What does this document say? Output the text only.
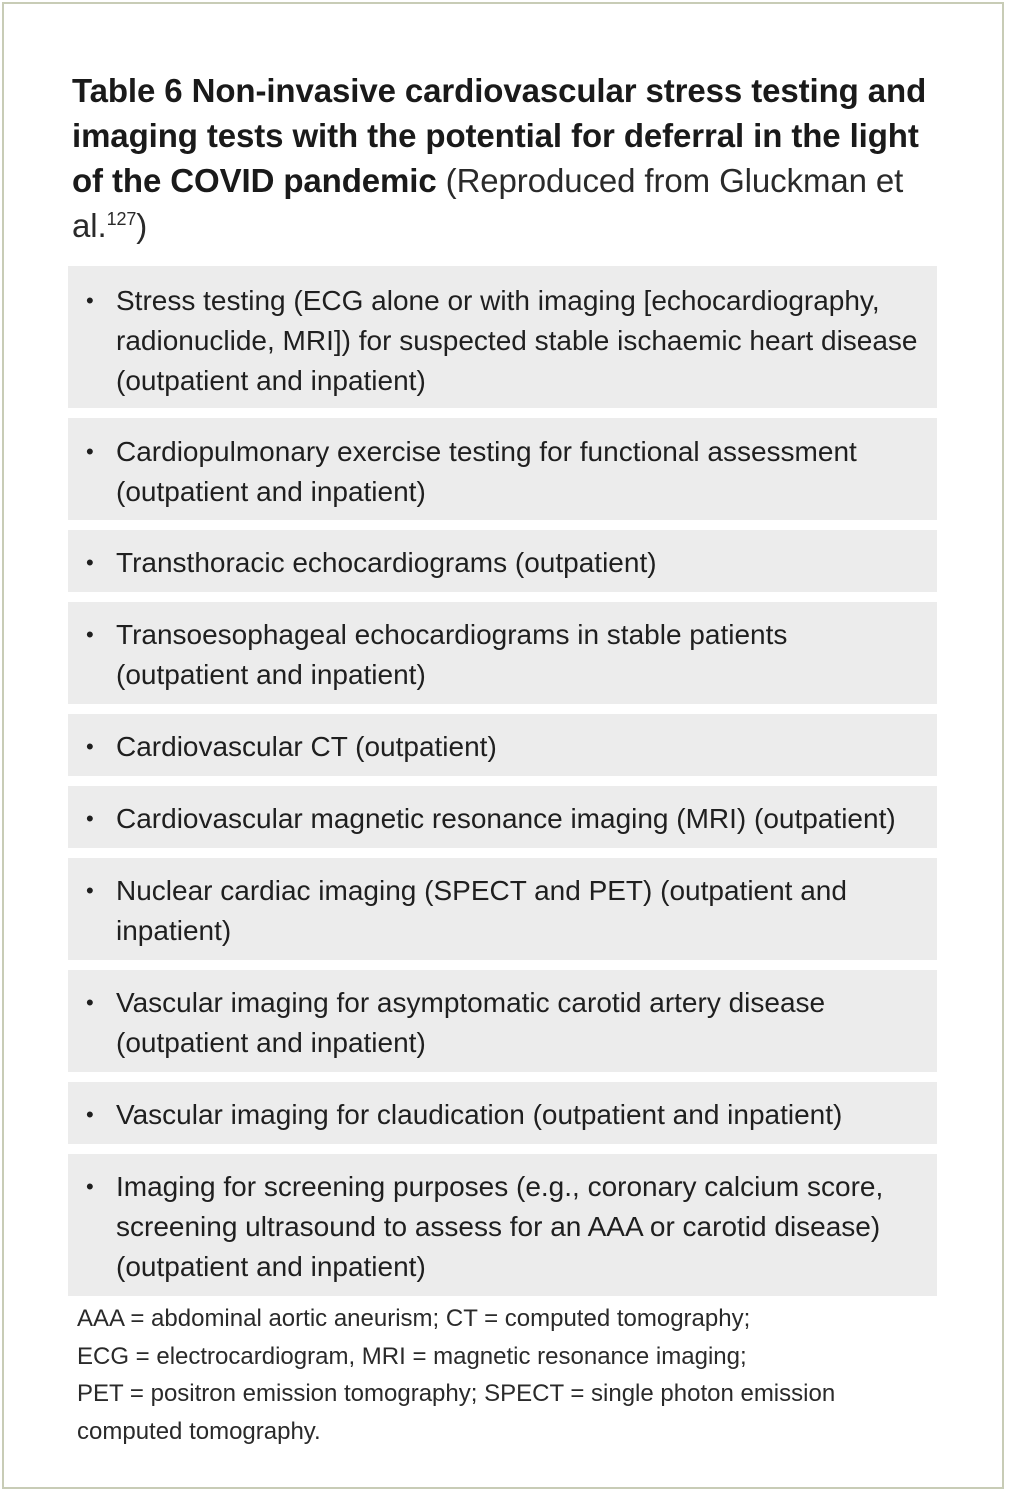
Table 6 Non-invasive cardiovascular stress testing and imaging tests with the potential for deferral in the light of the COVID pandemic (Reproduced from Gluckman et al.$^{127}$)
• Stress testing (ECG alone or with imaging [echocardiography, radionuclide, MRI]) for suspected stable ischaemic heart disease (outpatient and inpatient)
• Cardiopulmonary exercise testing for functional assessment (outpatient and inpatient)
• Transthoracic echocardiograms (outpatient)
• Transoesophageal echocardiograms in stable patients (outpatient and inpatient)
• Cardiovascular CT (outpatient)
• Cardiovascular magnetic resonance imaging (MRI) (outpatient)
• Nuclear cardiac imaging (SPECT and PET) (outpatient and inpatient)
• Vascular imaging for asymptomatic carotid artery disease (outpatient and inpatient)
• Vascular imaging for claudication (outpatient and inpatient)
• Imaging for screening purposes (e.g., coronary calcium score, screening ultrasound to assess for an AAA or carotid disease) (outpatient and inpatient)

AAA = abdominal aortic aneurism; CT = computed tomography;
ECG = electrocardiogram, MRI = magnetic resonance imaging;
PET = positron emission tomography; SPECT = single photon emission
computed tomography.
